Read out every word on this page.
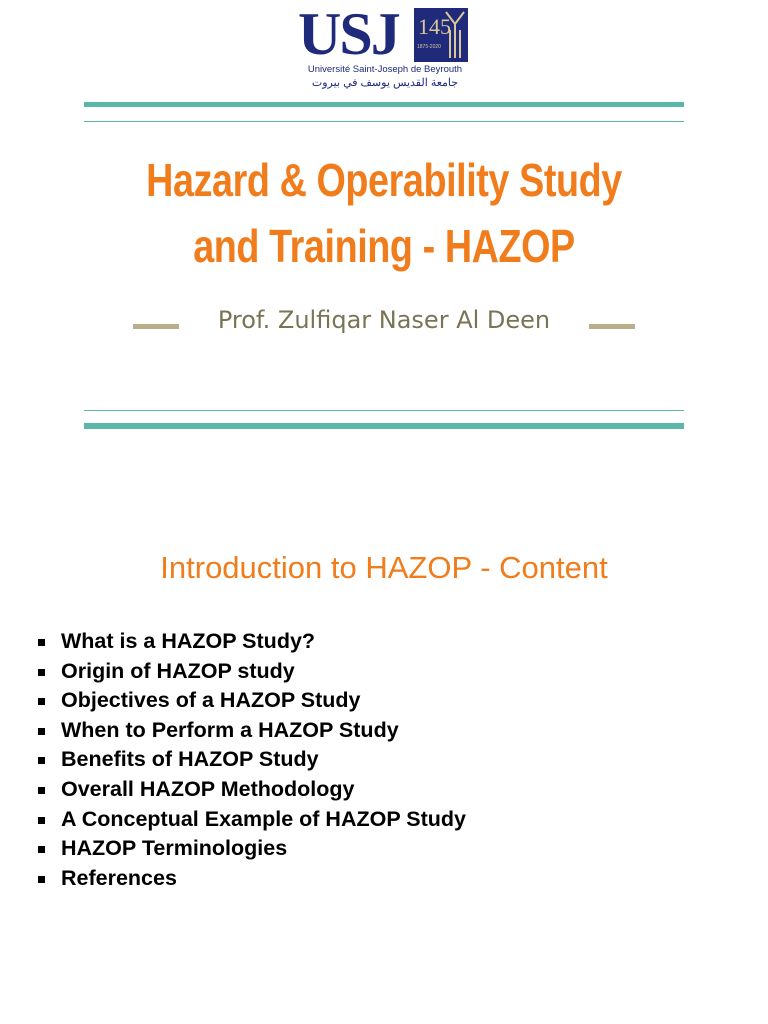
USJ 145
1875-2020
Université Saint-Joseph de Beyrouth
جامعة القديس يوسف في بيروت
Hazard & Operability Study
and Training - HAZOP
Prof. Zulfiqar Naser Al Deen
Introduction to HAZOP - Content
What is a HAZOP Study?
Origin of HAZOP study
Objectives of a HAZOP Study
When to Perform a HAZOP Study
Benefits of HAZOP Study
Overall HAZOP Methodology
A Conceptual Example of HAZOP Study
HAZOP Terminologies
References
